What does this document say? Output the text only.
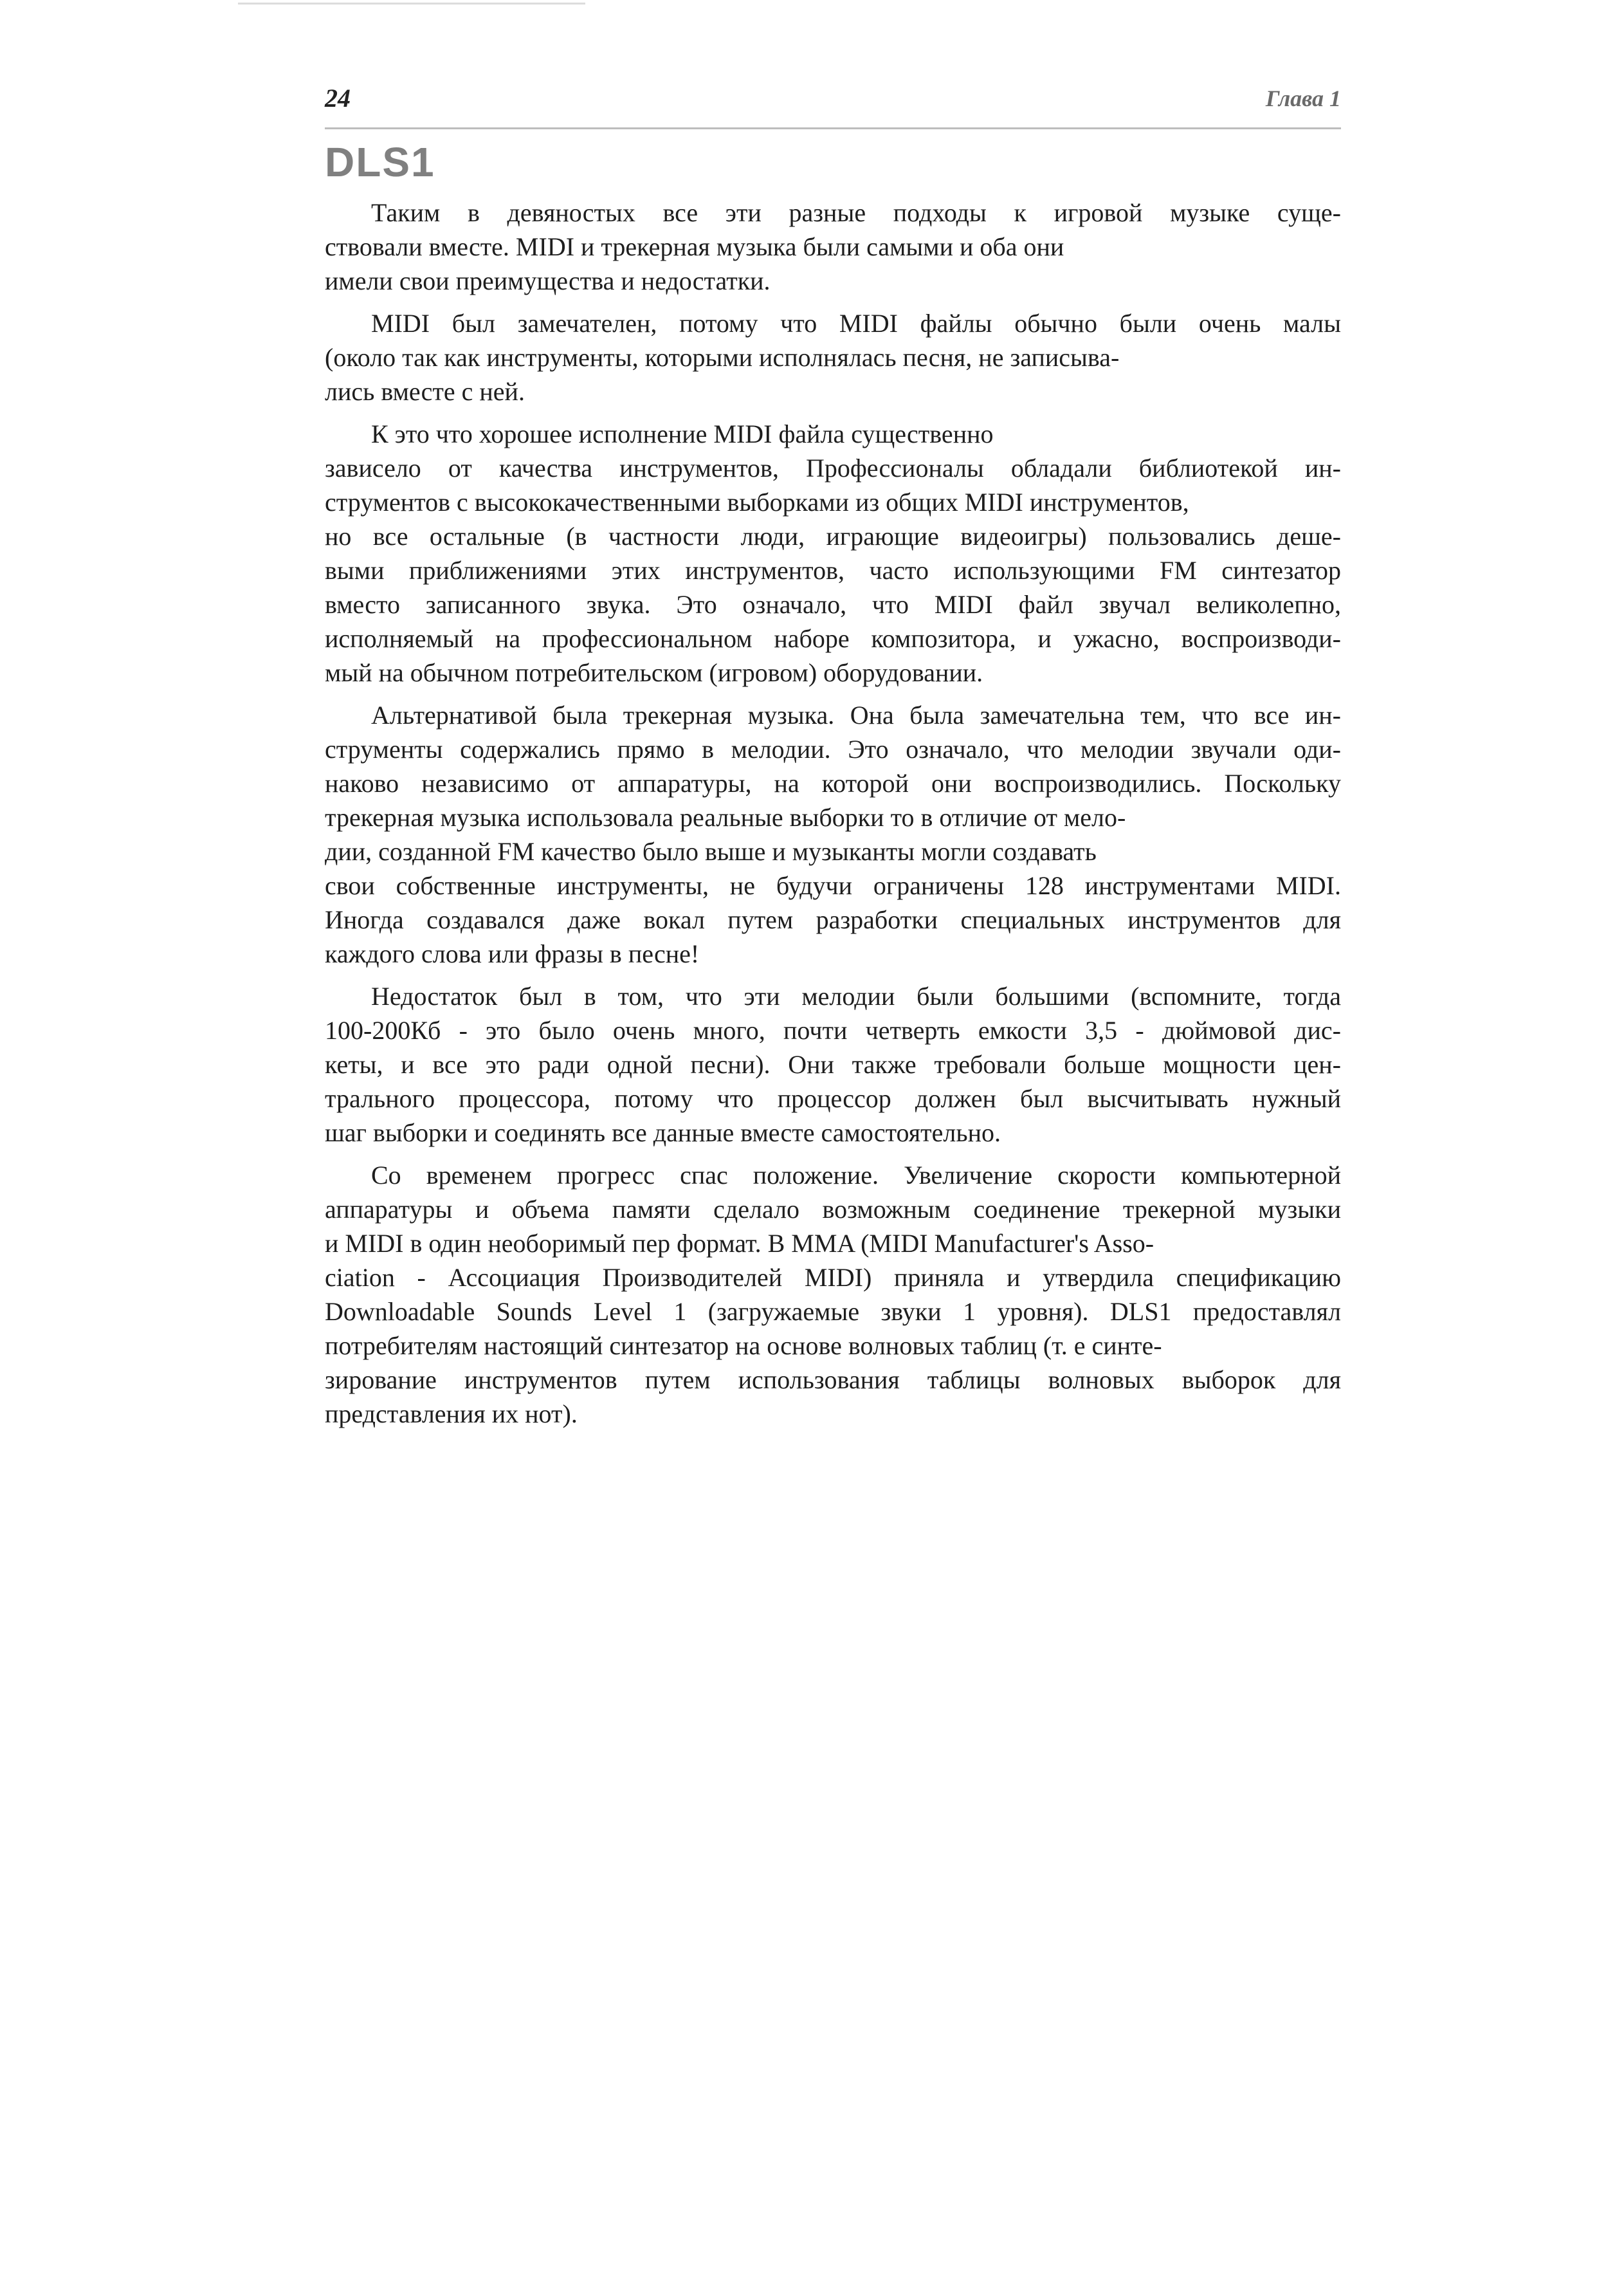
24	Глава 1
DLS1

Таким в девяностых все эти разные подходы к игровой музыке суще-
ствовали вместе. MIDI и трекерная музыка были самыми и оба они
имели свои преимущества и недостатки.

MIDI был замечателен, потому что MIDI файлы обычно были очень малы
(около так как инструменты, которыми исполнялась песня, не записыва-
лись вместе с ней.

К это что хорошее исполнение MIDI файла существенно
зависело от качества инструментов, Профессионалы обладали библиотекой ин-
струментов с высококачественными выборками из общих MIDI инструментов,
но все остальные (в частности люди, играющие видеоигры) пользовались деше-
выми приближениями этих инструментов, часто использующими FM синтезатор
вместо записанного звука. Это означало, что MIDI файл звучал великолепно,
исполняемый на профессиональном наборе композитора, и ужасно, воспроизводи-
мый на обычном потребительском (игровом) оборудовании.

Альтернативой была трекерная музыка. Она была замечательна тем, что все ин-
струменты содержались прямо в мелодии. Это означало, что мелодии звучали оди-
наково независимо от аппаратуры, на которой они воспроизводились. Поскольку
трекерная музыка использовала реальные выборки то в отличие от мело-
дии, созданной FM качество было выше и музыканты могли создавать
свои собственные инструменты, не будучи ограничены 128 инструментами MIDI.
Иногда создавался даже вокал путем разработки специальных инструментов для
каждого слова или фразы в песне!

Недостаток был в том, что эти мелодии были большими (вспомните, тогда
100-200Кб - это было очень много, почти четверть емкости 3,5 - дюймовой дис-
кеты, и все это ради одной песни). Они также требовали больше мощности цен-
трального процессора, потому что процессор должен был высчитывать нужный
шаг выборки и соединять все данные вместе самостоятельно.

Со временем прогресс спас положение. Увеличение скорости компьютерной
аппаратуры и объема памяти сделало возможным соединение трекерной музыки
и MIDI в один необоримый пер формат. В MMA (MIDI Manufacturer's Asso-
ciation - Ассоциация Производителей MIDI) приняла и утвердила спецификацию
Downloadable Sounds Level 1 (загружаемые звуки 1 уровня). DLS1 предоставлял
потребителям настоящий синтезатор на основе волновых таблиц (т. е синте-
зирование инструментов путем использования таблицы волновых выборок для
представления их нот).
